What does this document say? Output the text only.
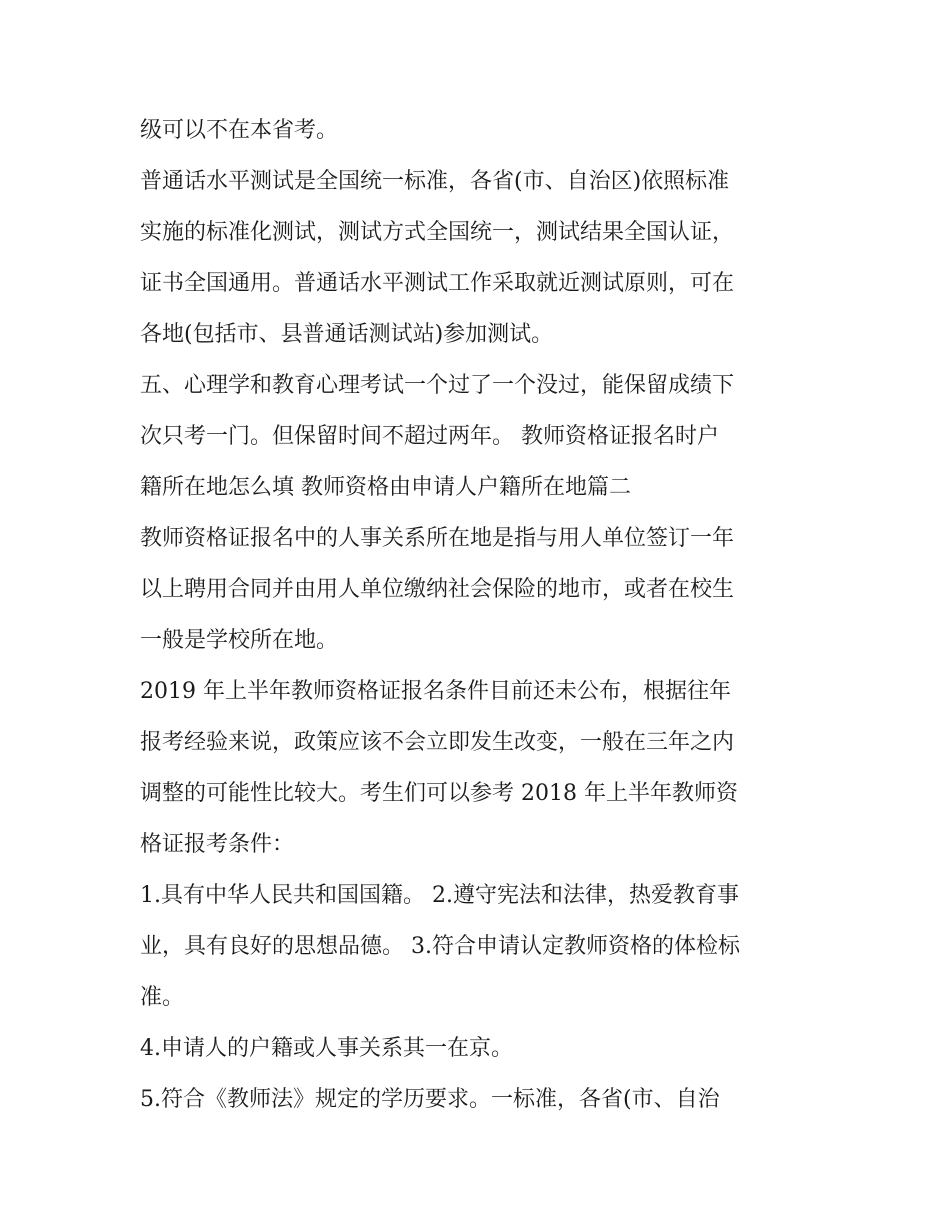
级可以不在本省考。
普通话水平测试是全国统一标准，各省(市、自治区)依照标准
实施的标准化测试，测试方式全国统一，测试结果全国认证，
证书全国通用。普通话水平测试工作采取就近测试原则，可在
各地(包括市、县普通话测试站)参加测试。
五、心理学和教育心理考试一个过了一个没过，能保留成绩下
次只考一门。但保留时间不超过两年。 教师资格证报名时户
籍所在地怎么填 教师资格由申请人户籍所在地篇二
教师资格证报名中的人事关系所在地是指与用人单位签订一年
以上聘用合同并由用人单位缴纳社会保险的地市，或者在校生
一般是学校所在地。
2019 年上半年教师资格证报名条件目前还未公布，根据往年
报考经验来说，政策应该不会立即发生改变，一般在三年之内
调整的可能性比较大。考生们可以参考 2018 年上半年教师资
格证报考条件：
1.具有中华人民共和国国籍。 2.遵守宪法和法律，热爱教育事
业，具有良好的思想品德。 3.符合申请认定教师资格的体检标
准。
4.申请人的户籍或人事关系其一在京。
5.符合《教师法》规定的学历要求。一标准，各省(市、自治
